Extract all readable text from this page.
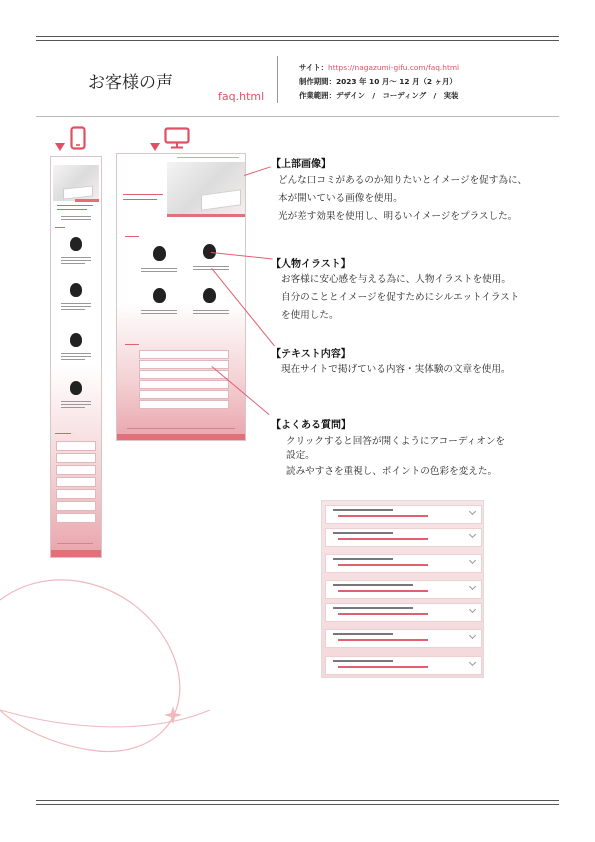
お客様の声
faq.html
サイト：https://nagazumi-gifu.com/faq.html
制作期間：2023 年 10 月～ 12 月（2 ヶ月）
作業範囲：デザイン　/　コーディング　/　実装
【上部画像】
どんな口コミがあるのか知りたいとイメージを促す為に、
本が開いている画像を使用。
光が差す効果を使用し、明るいイメージをプラスした。
【人物イラスト】
お客様に安心感を与える為に、人物イラストを使用。
自分のこととイメージを促すためにシルエットイラスト
を使用した。
【テキスト内容】
現在サイトで掲げている内容・実体験の文章を使用。
【よくある質問】
クリックすると回答が開くようにアコーディオンを
設定。
読みやすさを重視し、ポイントの色彩を変えた。
